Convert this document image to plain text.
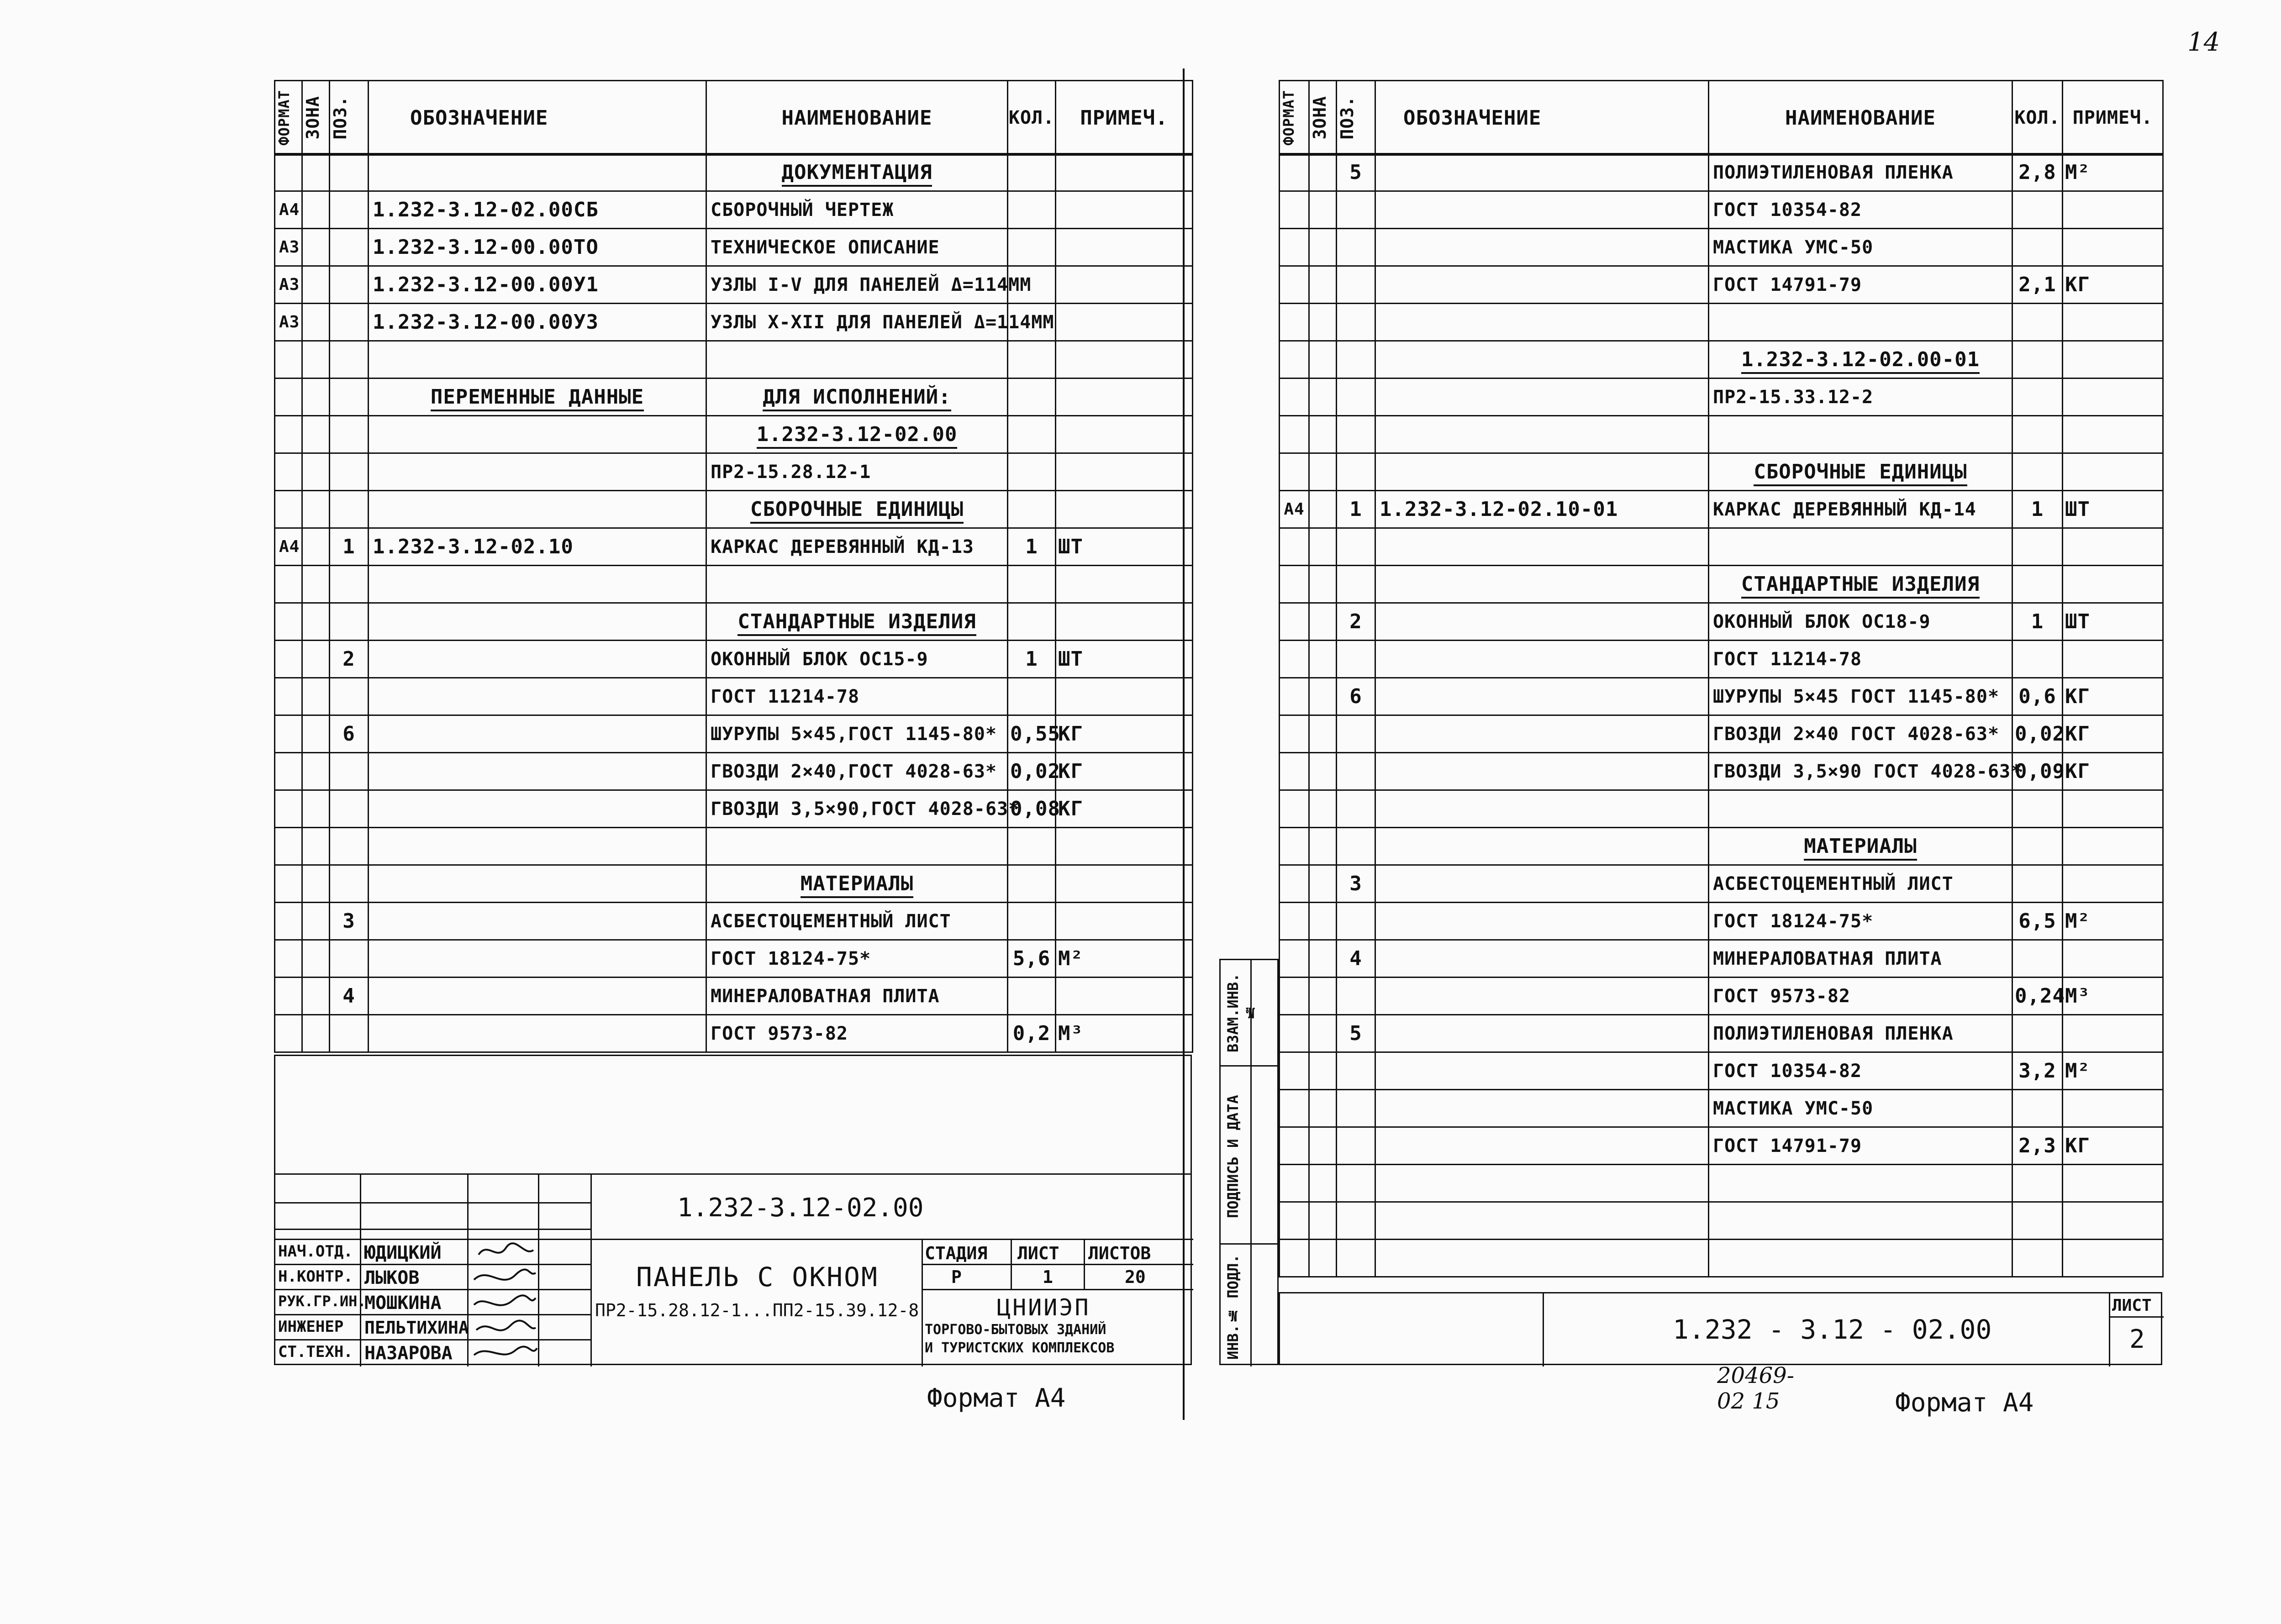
14
ФОРМАТ	ЗОНА	ПОЗ.	ОБОЗНАЧЕНИЕ	НАИМЕНОВАНИЕ	КОЛ.	ПРИМЕЧ.
				ДОКУМЕНТАЦИЯ		
А4			1.232-3.12-02.00СБ	СБОРОЧНЫЙ ЧЕРТЕЖ		
А3			1.232-3.12-00.00ТО	ТЕХНИЧЕСКОЕ ОПИСАНИЕ		
А3			1.232-3.12-00.00У1	УЗЛЫ I-V ДЛЯ ПАНЕЛЕЙ Δ=114ММ		
А3			1.232-3.12-00.00У3	УЗЛЫ X-XII ДЛЯ ПАНЕЛЕЙ Δ=114ММ		

			ПЕРЕМЕННЫЕ ДАННЫЕ	ДЛЯ ИСПОЛНЕНИЙ:		
				1.232-3.12-02.00		
				ПР2-15.28.12-1		
				СБОРОЧНЫЕ ЕДИНИЦЫ		
А4		1	1.232-3.12-02.10	КАРКАС ДЕРЕВЯННЫЙ КД-13	1	ШТ

				СТАНДАРТНЫЕ ИЗДЕЛИЯ		
		2		ОКОННЫЙ БЛОК ОС15-9	1	ШТ
				ГОСТ 11214-78		
		6		ШУРУПЫ 5×45,ГОСТ 1145-80*	0,55	КГ
				ГВОЗДИ 2×40,ГОСТ 4028-63*	0,02	КГ
				ГВОЗДИ 3,5×90,ГОСТ 4028-63*	0,08	КГ

				МАТЕРИАЛЫ		
		3		АСБЕСТОЦЕМЕНТНЫЙ ЛИСТ		
				ГОСТ 18124-75*	5,6	М²
		4		МИНЕРАЛОВАТНАЯ ПЛИТА		
				ГОСТ 9573-82	0,2	М³
1.232-3.12-02.00
НАЧ.ОТД. ЮДИЦКИЙ
Н.КОНТР. ЛЫКОВ
РУК.ГР.ИН.
МОШКИНА
ИНЖЕНЕР ПЕЛЬТИХИНА
СТ.ТЕХН. НАЗАРОВА
ПАНЕЛЬ С ОКНОМ
ПР2-15.28.12-1...ПП2-15.39.12-8
СТАДИЯ ЛИСТ ЛИСТОВ
Р	1	20
ЦНИИЭП
ТОРГОВО-БЫТОВЫХ ЗДАНИЙ
И ТУРИСТСКИХ КОМПЛЕКСОВ
Формат А4
ФОРМАТ	ЗОНА	ПОЗ.	ОБОЗНАЧЕНИЕ	НАИМЕНОВАНИЕ	КОЛ.	ПРИМЕЧ.
		5		ПОЛИЭТИЛЕНОВАЯ ПЛЕНКА	2,8	М²
				ГОСТ 10354-82		
				МАСТИКА УМС-50		
				ГОСТ 14791-79	2,1	КГ

				1.232-3.12-02.00-01		
				ПР2-15.33.12-2		

				СБОРОЧНЫЕ ЕДИНИЦЫ		
А4		1	1.232-3.12-02.10-01	КАРКАС ДЕРЕВЯННЫЙ КД-14	1	ШТ

				СТАНДАРТНЫЕ ИЗДЕЛИЯ		
		2		ОКОННЫЙ БЛОК ОС18-9	1	ШТ
				ГОСТ 11214-78		
		6		ШУРУПЫ 5×45 ГОСТ 1145-80*	0,6	КГ
				ГВОЗДИ 2×40 ГОСТ 4028-63*	0,02	КГ
				ГВОЗДИ 3,5×90 ГОСТ 4028-63*	0,09	КГ

				МАТЕРИАЛЫ		
		3		АСБЕСТОЦЕМЕНТНЫЙ ЛИСТ		
				ГОСТ 18124-75*	6,5	М²
		4		МИНЕРАЛОВАТНАЯ ПЛИТА		
				ГОСТ 9573-82	0,24	М³
		5		ПОЛИЭТИЛЕНОВАЯ ПЛЕНКА		
				ГОСТ 10354-82	3,2	М²
				МАСТИКА УМС-50		
				ГОСТ 14791-79	2,3	КГ

ИНВ.№ ПОДЛ.
ПОДПИСЬ И ДАТА
ВЗАМ.ИНВ.№
1.232 - 3.12 - 02.00
ЛИСТ
2
20469-02 15	Формат А4
